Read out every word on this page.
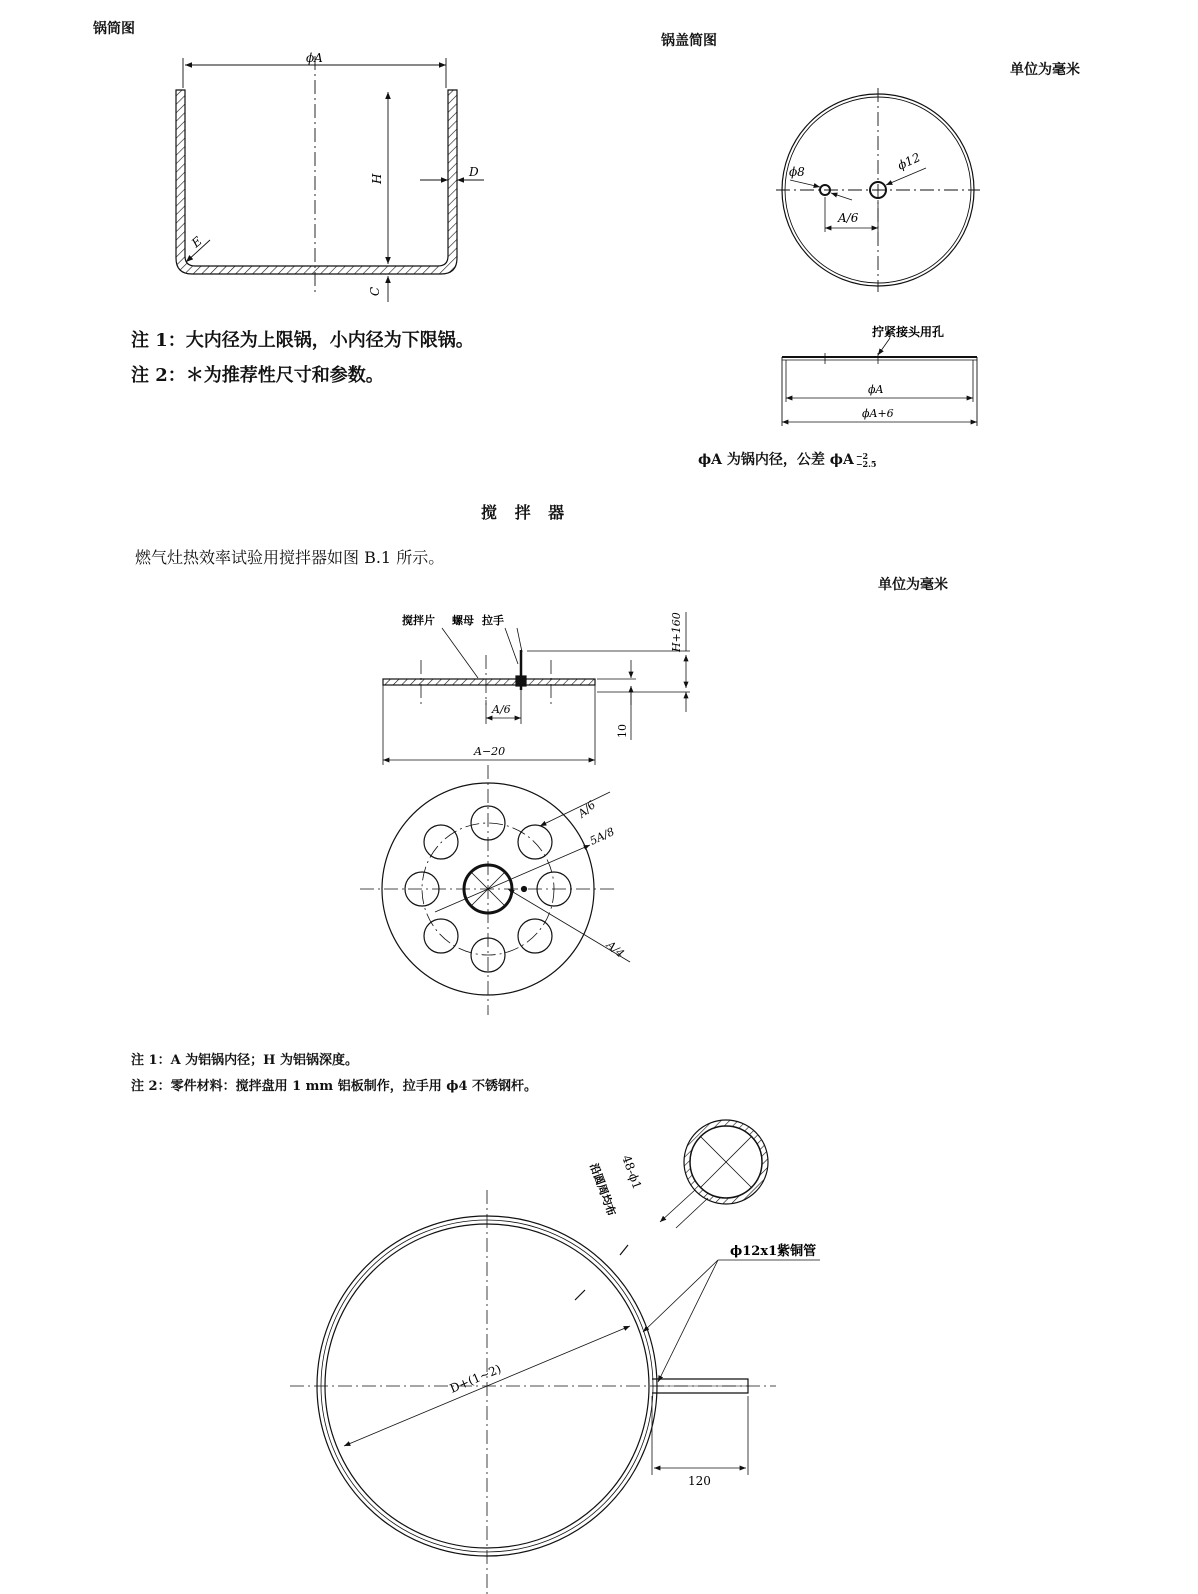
锅筒图
锅盖简图
单位为毫米
注 1：大内径为上限锅，小内径为下限锅。
注 2：＊为推荐性尺寸和参数。
ϕA 为锅内径，公差 ϕA −2
−2.5
搅 拌 器
燃气灶热效率试验用搅拌器如图 B.1 所示。
单位为毫米
注 1：A 为铝锅内径；H 为铝锅深度。
注 2：零件材料：搅拌盘用 1 mm 铝板制作，拉手用 ϕ4 不锈钢杆。
ϕA
H	D
E
C
ϕ8	ϕ12
A/6
拧紧接头用孔
ϕA
ϕA+6
搅拌片 螺母 拉手	H+160
A/6
10
A−20
A/6
5A/8
A/4
ϕ12x1紫铜管
48-ϕ1
沿圆周均布
D+(1~2)
120
